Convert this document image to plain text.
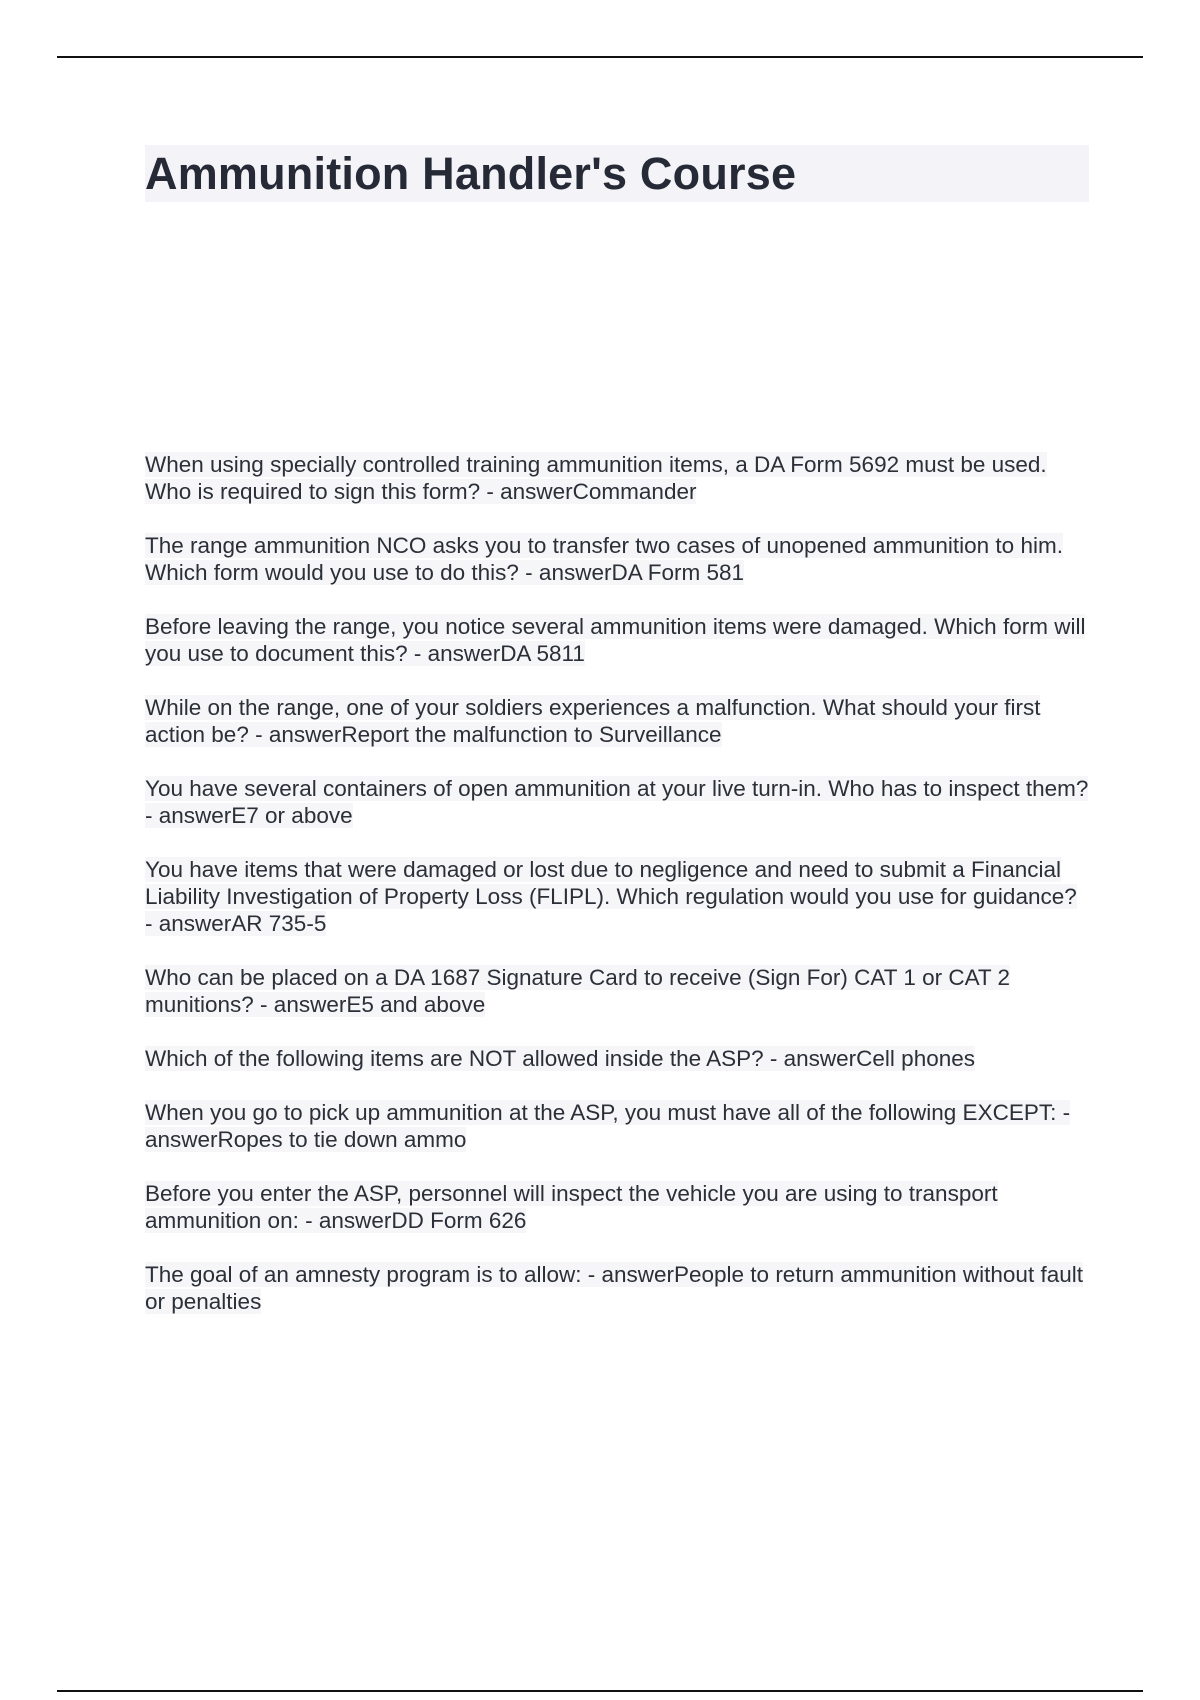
Ammunition Handler's Course
When using specially controlled training ammunition items, a DA Form 5692 must be used. Who is required to sign this form? - answerCommander
The range ammunition NCO asks you to transfer two cases of unopened ammunition to him. Which form would you use to do this? - answerDA Form 581
Before leaving the range, you notice several ammunition items were damaged. Which form will you use to document this? - answerDA 5811
While on the range, one of your soldiers experiences a malfunction. What should your first action be? - answerReport the malfunction to Surveillance
You have several containers of open ammunition at your live turn-in. Who has to inspect them? - answerE7 or above
You have items that were damaged or lost due to negligence and need to submit a Financial Liability Investigation of Property Loss (FLIPL). Which regulation would you use for guidance? - answerAR 735-5
Who can be placed on a DA 1687 Signature Card to receive (Sign For) CAT 1 or CAT 2 munitions? - answerE5 and above
Which of the following items are NOT allowed inside the ASP? - answerCell phones
When you go to pick up ammunition at the ASP, you must have all of the following EXCEPT: - answerRopes to tie down ammo
Before you enter the ASP, personnel will inspect the vehicle you are using to transport ammunition on: - answerDD Form 626
The goal of an amnesty program is to allow: - answerPeople to return ammunition without fault or penalties
